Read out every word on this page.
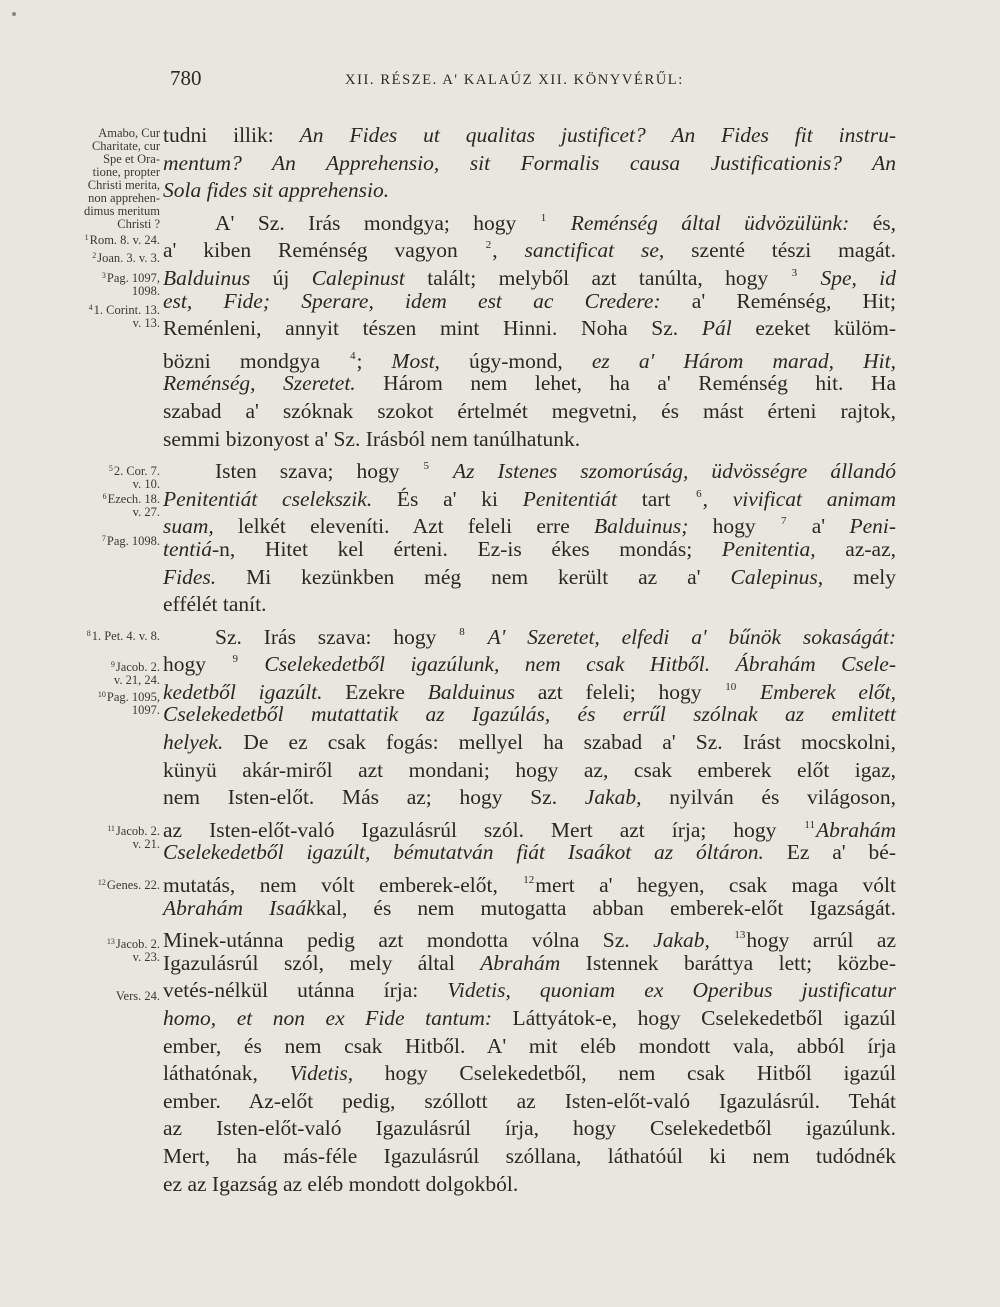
780	XII. RÉSZE. A' KALAÚZ XII. KÖNYVÉRŰL:
Amabo, Cur
Charitate, cur
Spe et Ora-
tione, propter
Christi merita,
non apprehen-
dimus meritum
Christi ?
$^1$Rom. 8. v. 24.
$^2$Joan. 3. v. 3.
$^3$Pag. 1097,
1098.
$^4$1. Corint. 13.
v. 13.
$^5$2. Cor. 7.
v. 10.
$^6$Ezech. 18.
v. 27.
$^7$Pag. 1098.
$^8$1. Pet. 4. v. 8.
$^9$Jacob. 2.
v. 21, 24.
$^{10}$Pag. 1095,
1097.
$^{11}$Jacob. 2.
v. 21.
$^{12}$Genes. 22.
$^{13}$Jacob. 2.
v. 23.
Vers. 24.
tudni illik: An Fides ut qualitas justificet? An Fides fit instru-
mentum? An Apprehensio, sit Formalis causa Justificationis? An
Sola fides sit apprehensio.
A' Sz. Irás mondgya; hogy $^1$ Reménség által üdvözülünk: és,
a' kiben Reménség vagyon $^2$, sanctificat se, szenté tészi magát.
Balduinus új Calepinust talált; melyből azt tanúlta, hogy $^3$ Spe, id
est, Fide; Sperare, idem est ac Credere: a' Reménség, Hit;
Reménleni, annyit tészen mint Hinni. Noha Sz. Pál ezeket külöm-
bözni mondgya $^4$; Most, úgy-mond, ez a' Három marad, Hit,
Reménség, Szeretet. Három nem lehet, ha a' Reménség hit. Ha
szabad a' szóknak szokot értelmét megvetni, és mást érteni rajtok,
semmi bizonyost a' Sz. Irásból nem tanúlhatunk.
Isten szava; hogy $^5$ Az Istenes szomorúság, üdvösségre állandó
Penitentiát cselekszik. És a' ki Penitentiát tart $^6$, vivificat animam
suam, lelkét eleveníti. Azt feleli erre Balduinus; hogy $^7$ a' Peni-
tentiá-n, Hitet kel érteni. Ez-is ékes mondás; Penitentia, az-az,
Fides. Mi kezünkben még nem került az a' Calepinus, mely
effélét tanít.
Sz. Irás szava: hogy $^8$ A' Szeretet, elfedi a' bűnök sokaságát:
hogy $^9$ Cselekedetből igazúlunk, nem csak Hitből. Ábrahám Csele-
kedetből igazúlt. Ezekre Balduinus azt feleli; hogy $^{10}$ Emberek előt,
Cselekedetből mutattatik az Igazúlás, és errűl szólnak az emlitett
helyek. De ez csak fogás: mellyel ha szabad a' Sz. Irást mocskolni,
künyü akár-miről azt mondani; hogy az, csak emberek előt igaz,
nem Isten-előt. Más az; hogy Sz. Jakab, nyilván és világoson,
az Isten-előt-való Igazulásrúl szól. Mert azt írja; hogy $^{11}$Abrahám
Cselekedetből igazúlt, bémutatván fiát Isaákot az óltáron. Ez a' bé-
mutatás, nem vólt emberek-előt, $^{12}$mert a' hegyen, csak maga vólt
Abrahám Isaákkal, és nem mutogatta abban emberek-előt Igazságát.
Minek-utánna pedig azt mondotta vólna Sz. Jakab, $^{13}$hogy arrúl az
Igazulásrúl szól, mely által Abrahám Istennek baráttya lett; közbe-
vetés-nélkül utánna írja: Videtis, quoniam ex Operibus justificatur
homo, et non ex Fide tantum: Láttyátok-e, hogy Cselekedetből igazúl
ember, és nem csak Hitből. A' mit eléb mondott vala, abból írja
láthatónak, Videtis, hogy Cselekedetből, nem csak Hitből igazúl
ember. Az-előt pedig, szóllott az Isten-előt-való Igazulásrúl. Tehát
az Isten-előt-való Igazulásrúl írja, hogy Cselekedetből igazúlunk.
Mert, ha más-féle Igazulásrúl szóllana, láthatóúl ki nem tudódnék
ez az Igazság az eléb mondott dolgokból.
